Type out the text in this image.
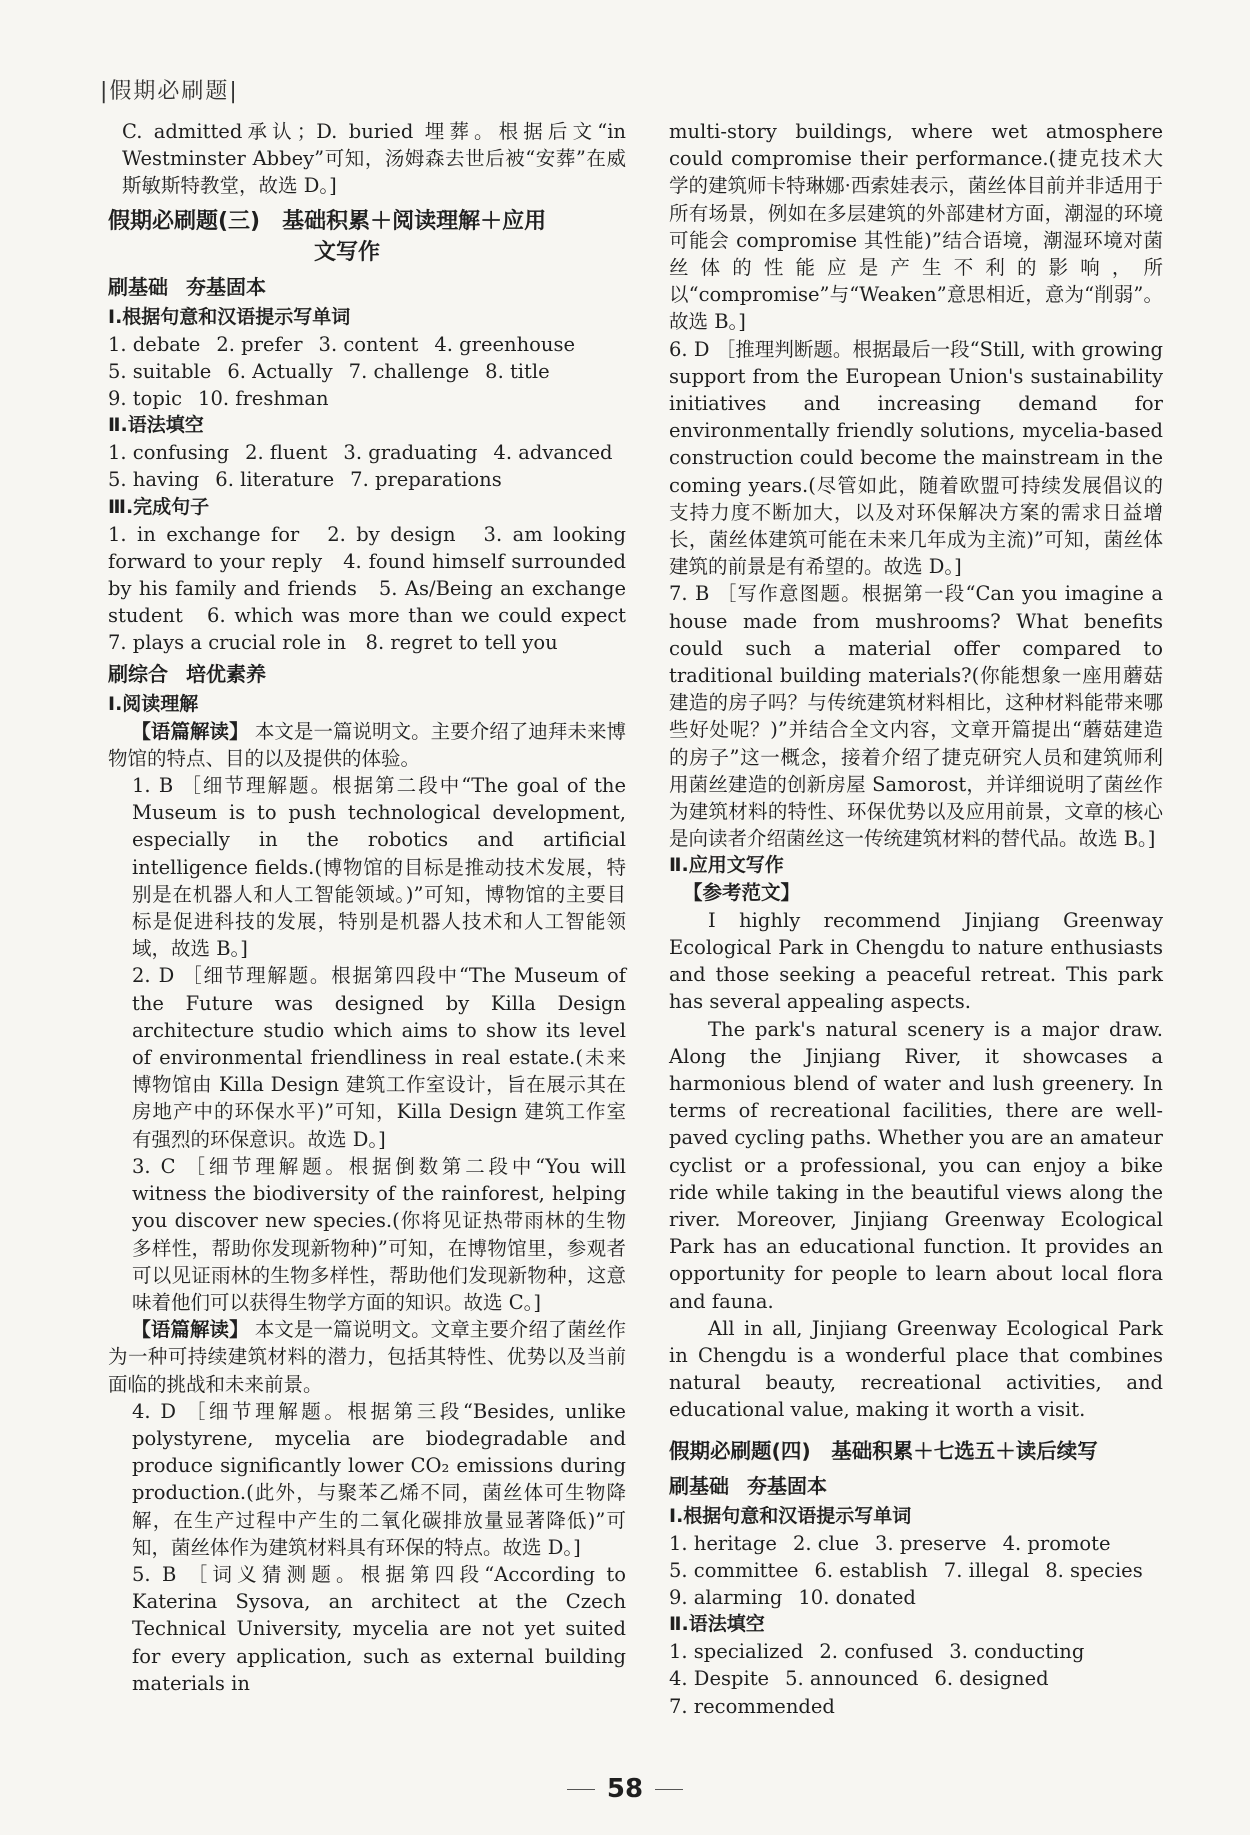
|假期必刷题|

C. admitted承认；D. buried 埋葬。根据后文“in Westminster Abbey”可知，汤姆森去世后被“安葬”在威斯敏斯特教堂，故选 D。]

假期必刷题(三)　基础积累＋阅读理解＋应用
文写作
刷基础 夯基固本
Ⅰ.根据句意和汉语提示写单词
1. debate 2. prefer 3. content 4. greenhouse
5. suitable 6. Actually 7. challenge 8. title
9. topic 10. freshman
Ⅱ.语法填空
1. confusing 2. fluent 3. graduating 4. advanced
5. having 6. literature 7. preparations
Ⅲ.完成句子

1. in exchange for　2. by design　3. am looking forward to your reply　4. found himself surrounded by his family and friends　5. As/Being an exchange student　6. which was more than we could expect　7. plays a crucial role in　8. regret to tell you

刷综合 培优素养
Ⅰ.阅读理解

【语篇解读】 本文是一篇说明文。主要介绍了迪拜未来博物馆的特点、目的以及提供的体验。

1. B ［细节理解题。根据第二段中“The goal of the Museum is to push technological development, especially in the robotics and artificial intelligence fields.(博物馆的目标是推动技术发展，特别是在机器人和人工智能领域。)”可知，博物馆的主要目标是促进科技的发展，特别是机器人技术和人工智能领域，故选 B。]
2. D ［细节理解题。根据第四段中“The Museum of the Future was designed by Killa Design architecture studio which aims to show its level of environmental friendliness in real estate.(未来博物馆由 Killa Design 建筑工作室设计，旨在展示其在房地产中的环保水平)”可知，Killa Design 建筑工作室有强烈的环保意识。故选 D。]
3. C ［细节理解题。根据倒数第二段中“You will witness the biodiversity of the rainforest, helping you discover new species.(你将见证热带雨林的生物多样性，帮助你发现新物种)”可知，在博物馆里，参观者可以见证雨林的生物多样性，帮助他们发现新物种，这意味着他们可以获得生物学方面的知识。故选 C。]

【语篇解读】 本文是一篇说明文。文章主要介绍了菌丝作为一种可持续建筑材料的潜力，包括其特性、优势以及当前面临的挑战和未来前景。

4. D ［细节理解题。根据第三段“Besides, unlike polystyrene, mycelia are biodegradable and produce significantly lower CO₂ emissions during production.(此外，与聚苯乙烯不同，菌丝体可生物降解，在生产过程中产生的二氧化碳排放量显著降低)”可知，菌丝体作为建筑材料具有环保的特点。故选 D。]
5. B ［词义猜测题。根据第四段“According to Katerina Sysova, an architect at the Czech Technical University, mycelia are not yet suited for every application, such as external building materials in

multi-story buildings, where wet atmosphere could compromise their performance.(捷克技术大学的建筑师卡特琳娜·西索娃表示，菌丝体目前并非适用于所有场景，例如在多层建筑的外部建材方面，潮湿的环境可能会 compromise 其性能)”结合语境，潮湿环境对菌丝体的性能应是产生不利的影响，所以“compromise”与“Weaken”意思相近，意为“削弱”。故选 B。]

6. D ［推理判断题。根据最后一段“Still, with growing support from the European Union's sustainability initiatives and increasing demand for environmentally friendly solutions, mycelia-based construction could become the mainstream in the coming years.(尽管如此，随着欧盟可持续发展倡议的支持力度不断加大，以及对环保解决方案的需求日益增长，菌丝体建筑可能在未来几年成为主流)”可知，菌丝体建筑的前景是有希望的。故选 D。]
7. B ［写作意图题。根据第一段“Can you imagine a house made from mushrooms? What benefits could such a material offer compared to traditional building materials?(你能想象一座用蘑菇建造的房子吗？与传统建筑材料相比，这种材料能带来哪些好处呢？)”并结合全文内容，文章开篇提出“蘑菇建造的房子”这一概念，接着介绍了捷克研究人员和建筑师利用菌丝建造的创新房屋 Samorost，并详细说明了菌丝作为建筑材料的特性、环保优势以及应用前景，文章的核心是向读者介绍菌丝这一传统建筑材料的替代品。故选 B。]
Ⅱ.应用文写作
【参考范文】

I highly recommend Jinjiang Greenway Ecological Park in Chengdu to nature enthusiasts and those seeking a peaceful retreat. This park has several appealing aspects.

The park's natural scenery is a major draw. Along the Jinjiang River, it showcases a harmonious blend of water and lush greenery. In terms of recreational facilities, there are well-paved cycling paths. Whether you are an amateur cyclist or a professional, you can enjoy a bike ride while taking in the beautiful views along the river. Moreover, Jinjiang Greenway Ecological Park has an educational function. It provides an opportunity for people to learn about local flora and fauna.

All in all, Jinjiang Greenway Ecological Park in Chengdu is a wonderful place that combines natural beauty, recreational activities, and educational value, making it worth a visit.

假期必刷题(四)　基础积累＋七选五＋读后续写
刷基础 夯基固本
Ⅰ.根据句意和汉语提示写单词
1. heritage 2. clue 3. preserve 4. promote
5. committee 6. establish 7. illegal 8. species
9. alarming 10. donated
Ⅱ.语法填空
1. specialized 2. confused 3. conducting
4. Despite 5. announced 6. designed
7. recommended
58
